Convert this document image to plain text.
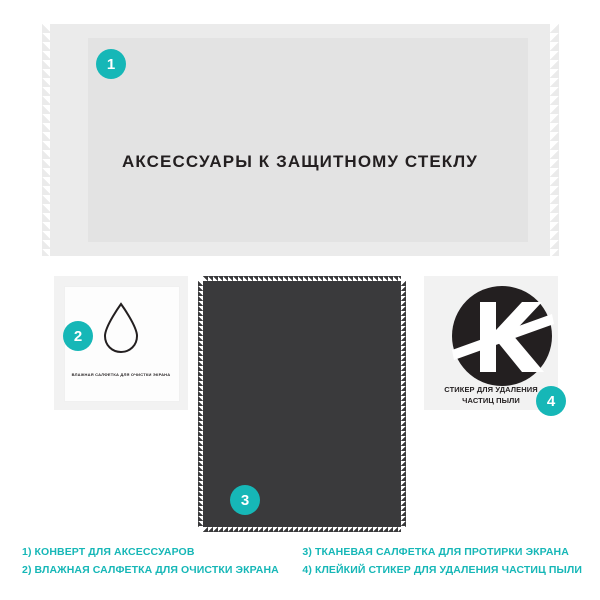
АКСЕССУАРЫ К ЗАЩИТНОМУ СТЕКЛУ
1
ВЛАЖНАЯ САЛФЕТКА ДЛЯ ОЧИСТКИ ЭКРАНА
2
3
СТИКЕР ДЛЯ УДАЛЕНИЯ
ЧАСТИЦ ПЫЛИ	4
1) КОНВЕРТ ДЛЯ АКСЕССУАРОВ
2) ВЛАЖНАЯ САЛФЕТКА ДЛЯ ОЧИСТКИ ЭКРАНА
3) ТКАНЕВАЯ САЛФЕТКА ДЛЯ ПРОТИРКИ ЭКРАНА
4) КЛЕЙКИЙ СТИКЕР ДЛЯ УДАЛЕНИЯ ЧАСТИЦ ПЫЛИ
